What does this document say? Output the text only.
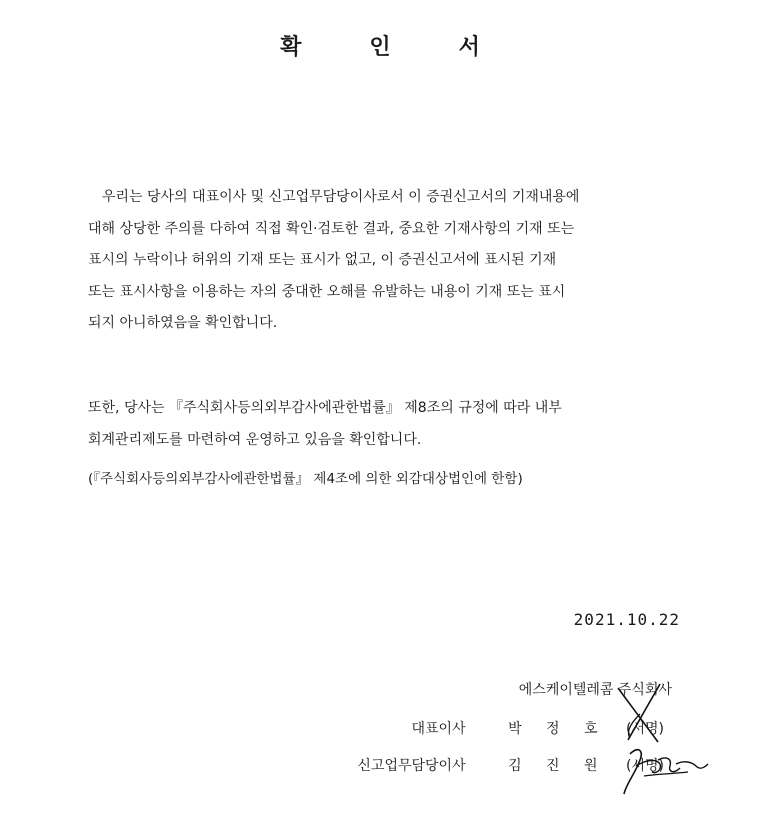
확	인	서
　우리는 당사의 대표이사 및 신고업무담당이사로서 이 증권신고서의 기재내용에
대해 상당한 주의를 다하여 직접 확인·검토한 결과, 중요한 기재사항의 기재 또는
표시의 누락이나 허위의 기재 또는 표시가 없고, 이 증권신고서에 표시된 기재
또는 표시사항을 이용하는 자의 중대한 오해를 유발하는 내용이 기재 또는 표시
되지 아니하였음을 확인합니다.
또한, 당사는 『주식회사등의외부감사에관한법률』 제8조의 규정에 따라 내부
회계관리제도를 마련하여 운영하고 있음을 확인합니다.
(『주식회사등의외부감사에관한법률』 제4조에 의한 외감대상법인에 한함)
2021.10.22
에스케이텔레콤 주식회사
대표이사	박 정 호 (서명)
신고업무담당이사	김 진 원 (서명)
